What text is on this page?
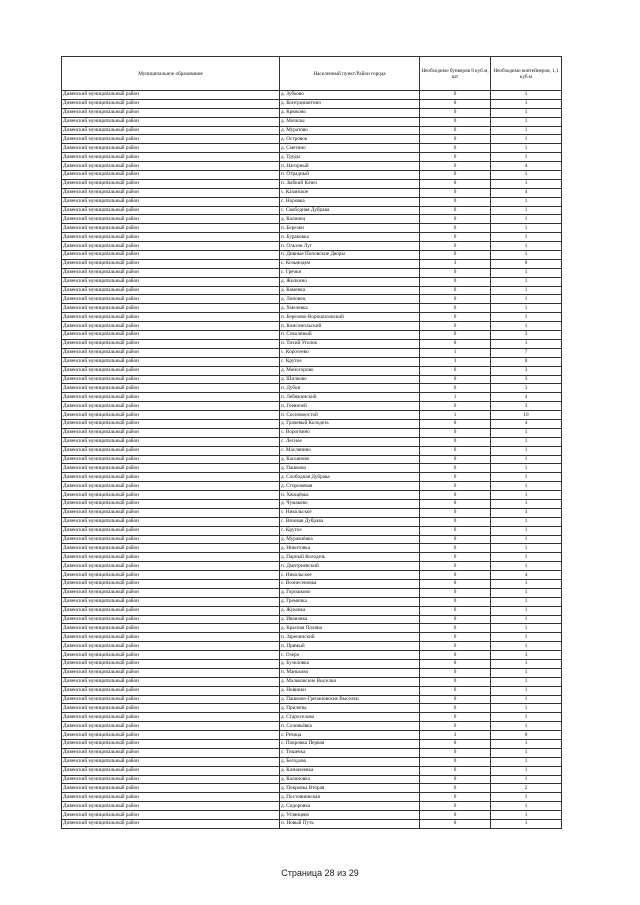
Муниципальное образование	Населенный пункт/Район города	Необходимо бункеров 8 куб.м, шт	Необходимо контейнеров, 1,1 куб.м
Дивенский муниципальный район	д. Зубково	0	1
Дивенский муниципальный район	д. Контромантино	0	1
Дивенский муниципальный район	д. Крюково	0	1
Дивенский муниципальный район	д. Мочилы	0	1
Дивенский муниципальный район	д. Муратово	0	1
Дивенский муниципальный район	д. Островок	0	1
Дивенский муниципальный район	д. Сметино	0	1
Дивенский муниципальный район	д. Труды	0	1
Дивенский муниципальный район	п. Нагорный	0	4
Дивенский муниципальный район	п. Отрадный	0	1
Дивенский муниципальный район	п. Зыбкий Ключ	0	1
Дивенский муниципальный район	с. Казанское	0	4
Дивенский муниципальный район	с. Норовка	0	1
Дивенский муниципальный район	с. Свободная Дубрава	0	1
Дивенский муниципальный район	д. Калинец	0	1
Дивенский муниципальный район	п. Березки	0	1
Дивенский муниципальный район	п. Бураковка	0	1
Дивенский муниципальный район	п. Ольхов Луг	0	1
Дивенский муниципальный район	п. Дивные Поповские Дворы	0	1
Дивенский муниципальный район	с. Козьмодем	3	0
Дивенский муниципальный район	с. Гречки	0	1
Дивенский муниципальный район	д. Жилкино	0	1
Дивенский муниципальный район	д. Каменка	0	1
Дивенский муниципальный район	д. Липовец	0	1
Дивенский муниципальный район	д. Хмелевка	0	1
Дивенский муниципальный район	п. Березово-Ворошиловский	0	1
Дивенский муниципальный район	п. Комсомольский	0	1
Дивенский муниципальный район	п. Соколиный	0	3
Дивенский муниципальный район	п. Тихий Уголок	0	1
Дивенский муниципальный район	с. Коротеево	1	7
Дивенский муниципальный район	с. Крутое	3	0
Дивенский муниципальный район	д. Моногорово	0	3
Дивенский муниципальный район	д. Шилково	0	3
Дивенский муниципальный район	п. Дубки	0	3
Дивенский муниципальный район	п. Лебяжинский	1	4
Дивенский муниципальный район	п. Гоевичей	0	3
Дивенский муниципальный район	п. Сосновоостой	1	10
Дивенский муниципальный район	д. Грачевый Колодезь	0	4
Дивенский муниципальный район	с. Ворогвино	0	1
Дивенский муниципальный район	с. Лесное	0	1
Дивенский муниципальный район	с. Маслянино	0	1
Дивенский муниципальный район	д. Касьяново	0	1
Дивенский муниципальный район	д. Пашково	0	1
Дивенский муниципальный район	д. Слободная Дубрава	0	1
Дивенский муниципальный район	д. Сторожевая	0	1
Дивенский муниципальный район	п. Хвощёвка	0	1
Дивенский муниципальный район	д. Чумаково	0	1
Дивенский муниципальный район	с. Никольское	0	3
Дивенский муниципальный район	с. Вязовая Дубрава	0	1
Дивенский муниципальный район	с. Крутое	0	1
Дивенский муниципальный район	д. Муравлёвка	0	1
Дивенский муниципальный район	д. Никитовка	0	1
Дивенский муниципальный район	д. Парный Колодезь	0	1
Дивенский муниципальный район	п. Дмитриевский	0	1
Дивенский муниципальный район	с. Никольское	0	4
Дивенский муниципальный район	с. Вознесеновка	0	1
Дивенский муниципальный район	д. Горошково	0	1
Дивенский муниципальный район	д. Гремячка	0	1
Дивенский муниципальный район	д. Жуковка	0	1
Дивенский муниципальный район	д. Ивановка	0	1
Дивенский муниципальный район	д. Красная Поляна	0	1
Дивенский муниципальный район	п. Заречинский	0	1
Дивенский муниципальный район	п. Прямый	0	1
Дивенский муниципальный район	с. Озеро	0	3
Дивенский муниципальный район	д. Бузиловка	0	1
Дивенский муниципальный район	п. Маньково	0	1
Дивенский муниципальный район	д. Мальковские Выселки	0	1
Дивенский муниципальный район	д. Новинки	0	1
Дивенский муниципальный район	д. Пашково-Гречановские Выселки	0	1
Дивенский муниципальный район	д. Прилепы	0	1
Дивенский муниципальный район	д. Староселова	0	1
Дивенский муниципальный район	п. Соловьёвка	0	1
Дивенский муниципальный район	с. Речица	3	0
Дивенский муниципальный район	с. Покровка Первая	0	1
Дивенский муниципальный район	с. Тишечка	0	1
Дивенский муниципальный район	д. Бегодово	0	1
Дивенский муниципальный район	д. Казначеевка	0	1
Дивенский муниципальный район	д. Калиновка	0	1
Дивенский муниципальный район	д. Покровка Вторая	0	2
Дивенский муниципальный район	д. Постоянинская	0	1
Дивенский муниципальный район	д. Сидоровка	0	1
Дивенский муниципальный район	д. Углянцево	0	1
Дивенский муниципальный район	п. Новый Путь	0	1
Страница 28 из 29
